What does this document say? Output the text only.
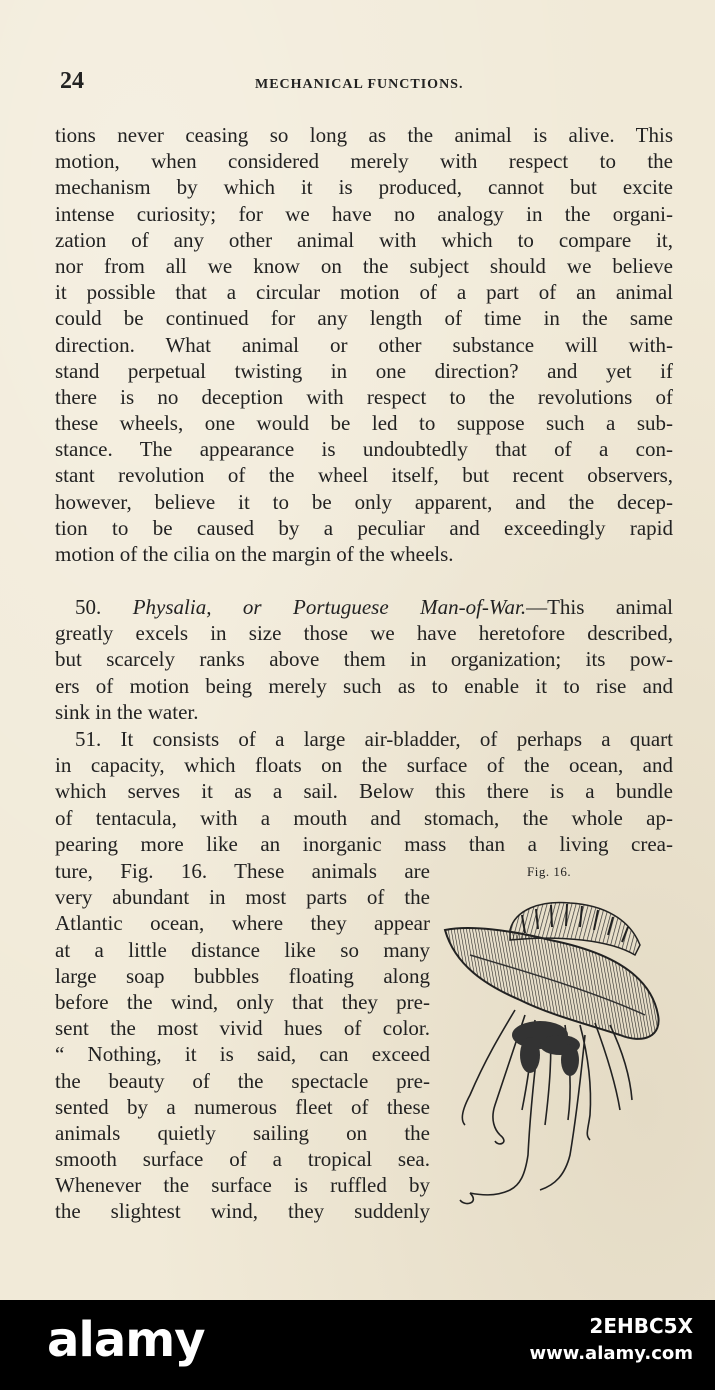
24	MECHANICAL FUNCTIONS.
tions never ceasing so long as the animal is alive. This
motion, when considered merely with respect to the
mechanism by which it is produced, cannot but excite
intense curiosity; for we have no analogy in the organi-
zation of any other animal with which to compare it,
nor from all we know on the subject should we believe
it possible that a circular motion of a part of an animal
could be continued for any length of time in the same
direction. What animal or other substance will with-
stand perpetual twisting in one direction? and yet if
there is no deception with respect to the revolutions of
these wheels, one would be led to suppose such a sub-
stance. The appearance is undoubtedly that of a con-
stant revolution of the wheel itself, but recent observers,
however, believe it to be only apparent, and the decep-
tion to be caused by a peculiar and exceedingly rapid
motion of the cilia on the margin of the wheels.
50. Physalia, or Portuguese Man-of-War.—This animal
greatly excels in size those we have heretofore described,
but scarcely ranks above them in organization; its pow-
ers of motion being merely such as to enable it to rise and
sink in the water.
51. It consists of a large air-bladder, of perhaps a quart
in capacity, which floats on the surface of the ocean, and
which serves it as a sail. Below this there is a bundle
of tentacula, with a mouth and stomach, the whole ap-
pearing more like an inorganic mass than a living crea-
ture, Fig. 16. These animals are
very abundant in most parts of the
Atlantic ocean, where they appear
at a little distance like so many
large soap bubbles floating along
before the wind, only that they pre-
sent the most vivid hues of color.
“ Nothing, it is said, can exceed
the beauty of the spectacle pre-
sented by a numerous fleet of these
animals quietly sailing on the
smooth surface of a tropical sea.
Whenever the surface is ruffled by
the slightest wind, they suddenly
Fig. 16.
alamy	2EHBC5X
www.alamy.com
